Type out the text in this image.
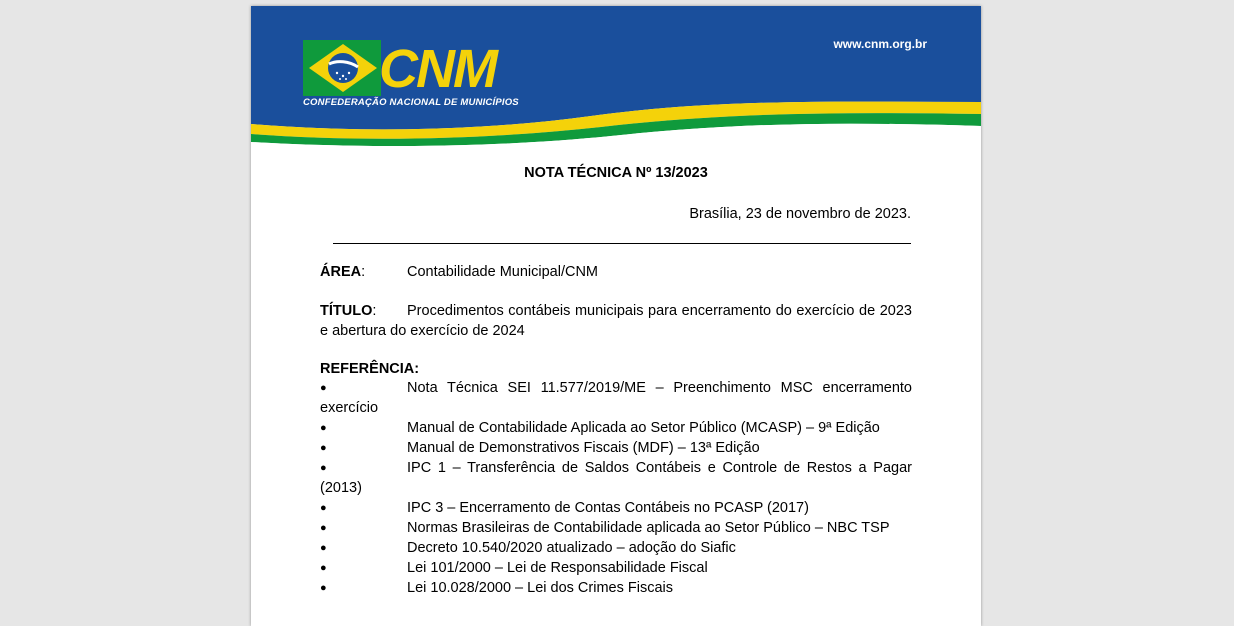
CNM
CONFEDERAÇÃO NACIONAL DE MUNICÍPIOS
www.cnm.org.br
NOTA TÉCNICA Nº 13/2023
Brasília, 23 de novembro de 2023.
ÁREA:	Contabilidade Municipal/CNM
TÍTULO: Procedimentos contábeis municipais para encerramento do exercício de 2023 e abertura do exercício de 2024
REFERÊNCIA:
●	Nota Técnica SEI 11.577/2019/ME – Preenchimento MSC encerramento exercício
●	Manual de Contabilidade Aplicada ao Setor Público (MCASP) – 9ª Edição
●	Manual de Demonstrativos Fiscais (MDF) – 13ª Edição
●	IPC 1 – Transferência de Saldos Contábeis e Controle de Restos a Pagar (2013)
●	IPC 3 – Encerramento de Contas Contábeis no PCASP (2017)
●	Normas Brasileiras de Contabilidade aplicada ao Setor Público – NBC TSP
●	Decreto 10.540/2020 atualizado – adoção do Siafic
●	Lei 101/2000 – Lei de Responsabilidade Fiscal
●	Lei 10.028/2000 – Lei dos Crimes Fiscais
